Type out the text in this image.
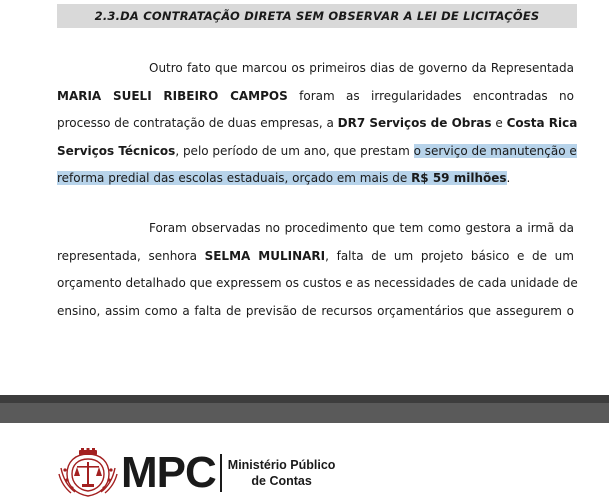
2.3.DA CONTRATAÇÃO DIRETA SEM OBSERVAR A LEI DE LICITAÇÕES
Outro fato que marcou os primeiros dias de governo da Representada
MARIA SUELI RIBEIRO CAMPOS foram as irregularidades encontradas no
processo de contratação de duas empresas, a DR7 Serviços de Obras e Costa Rica
Serviços Técnicos, pelo período de um ano, que prestam o serviço de manutenção e
reforma predial das escolas estaduais, orçado em mais de R$ 59 milhões.
Foram observadas no procedimento que tem como gestora a irmã da
representada, senhora SELMA MULINARI, falta de um projeto básico e de um
orçamento detalhado que expressem os custos e as necessidades de cada unidade de
ensino, assim como a falta de previsão de recursos orçamentários que assegurem o
MPC Ministério Público
de Contas
